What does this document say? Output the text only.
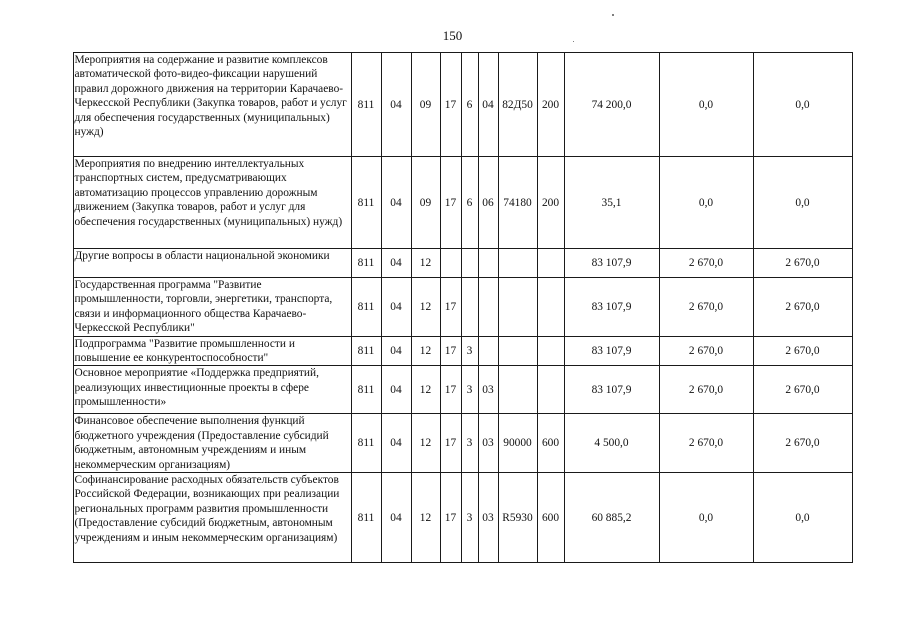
150
	Мероприятия на содержание и развитие комплексов автоматической фото-видео-фиксации нарушений правил дорожного движения на территории Карачаево-Черкесской Республики (Закупка товаров, работ и услуг для обеспечения государственных (муниципальных) нужд)	811	04	09	17	6	04	82Д50	200	74 200,0	0,0	0,0
	Мероприятия по внедрению интеллектуальных транспортных систем, предусматривающих автоматизацию процессов управлению дорожным движением (Закупка товаров, работ и услуг для обеспечения государственных (муниципальных) нужд)	811	04	09	17	6	06	74180	200	35,1	0,0	0,0
	Другие вопросы в области национальной экономики	811	04	12						83 107,9	2 670,0	2 670,0
	Государственная программа "Развитие промышленности, торговли, энергетики, транспорта, связи и информационного общества Карачаево-Черкесской Республики"	811	04	12	17					83 107,9	2 670,0	2 670,0
	Подпрограмма "Развитие промышленности и повышение ее конкурентоспособности"	811	04	12	17	3				83 107,9	2 670,0	2 670,0
	Основное мероприятие «Поддержка предприятий, реализующих инвестиционные проекты в сфере промышленности»	811	04	12	17	3	03			83 107,9	2 670,0	2 670,0
	Финансовое обеспечение выполнения функций бюджетного учреждения (Предоставление субсидий бюджетным, автономным учреждениям и иным некоммерческим организациям)	811	04	12	17	3	03	90000	600	4 500,0	2 670,0	2 670,0
	Софинансирование расходных обязательств субъектов Российской Федерации, возникающих при реализации региональных программ развития промышленности (Предоставление субсидий бюджетным, автономным учреждениям и иным некоммерческим организациям)	811	04	12	17	3	03	R5930	600	60 885,2	0,0	0,0
